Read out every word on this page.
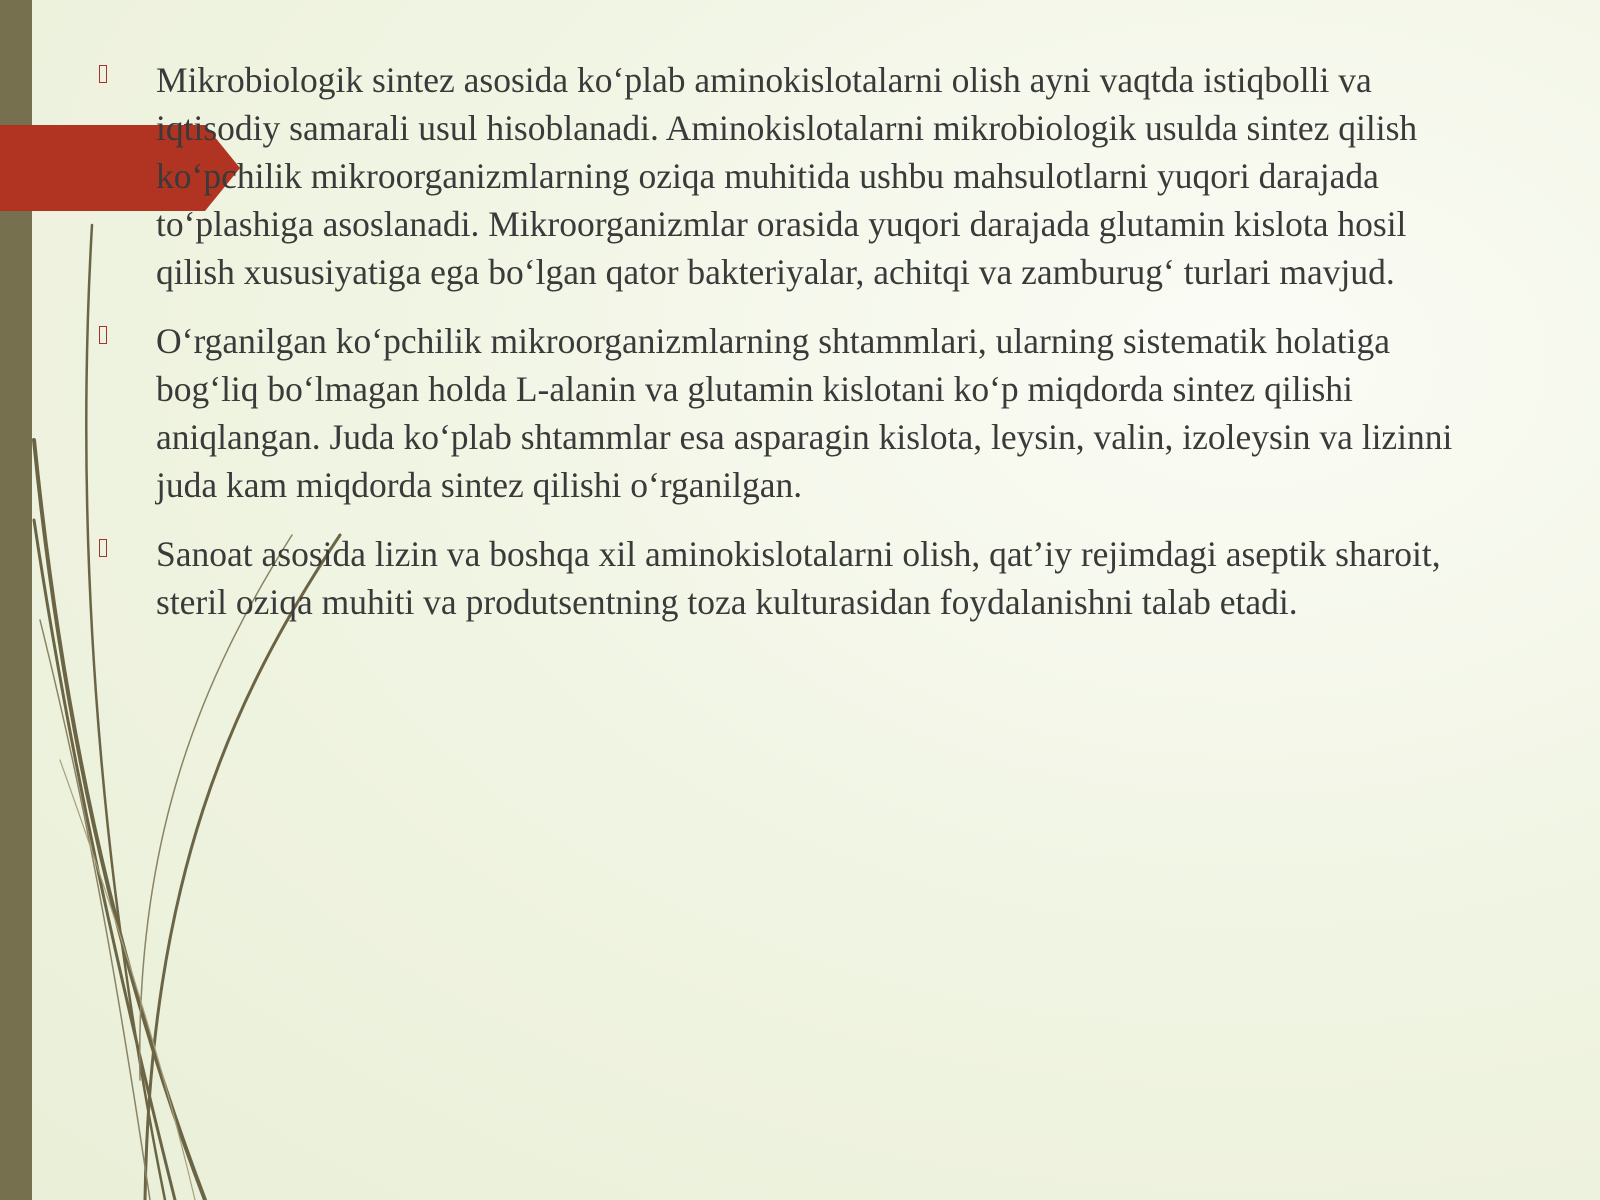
Mikrobiologik sintez asosida ko‘plab aminokislotalarni olish ayni vaqtda istiqbolli va iqtisodiy samarali usul hisoblanadi. Aminokislotalarni mikrobiologik usulda sintez qilish ko‘pchilik mikroorganizmlarning oziqa muhitida ushbu mahsulotlarni yuqori darajada to‘plashiga asoslanadi. Mikroorganizmlar orasida yuqori darajada glutamin kislota hosil qilish xususiyatiga ega bo‘lgan qator bakteriyalar, achitqi va zamburug‘ turlari mavjud.
O‘rganilgan ko‘pchilik mikroorganizmlarning shtammlari, ularning sistematik holatiga bog‘liq bo‘lmagan holda L-alanin va glutamin kislotani ko‘p miqdorda sintez qilishi aniqlangan. Juda ko‘plab shtammlar esa asparagin kislota, leysin, valin, izoleysin va lizinni juda kam miqdorda sintez qilishi o‘rganilgan.
Sanoat asosida lizin va boshqa xil aminokislotalarni olish, qat’iy rejimdagi aseptik sharoit, steril oziqa muhiti va produtsentning toza kulturasidan foydalanishni talab etadi.
